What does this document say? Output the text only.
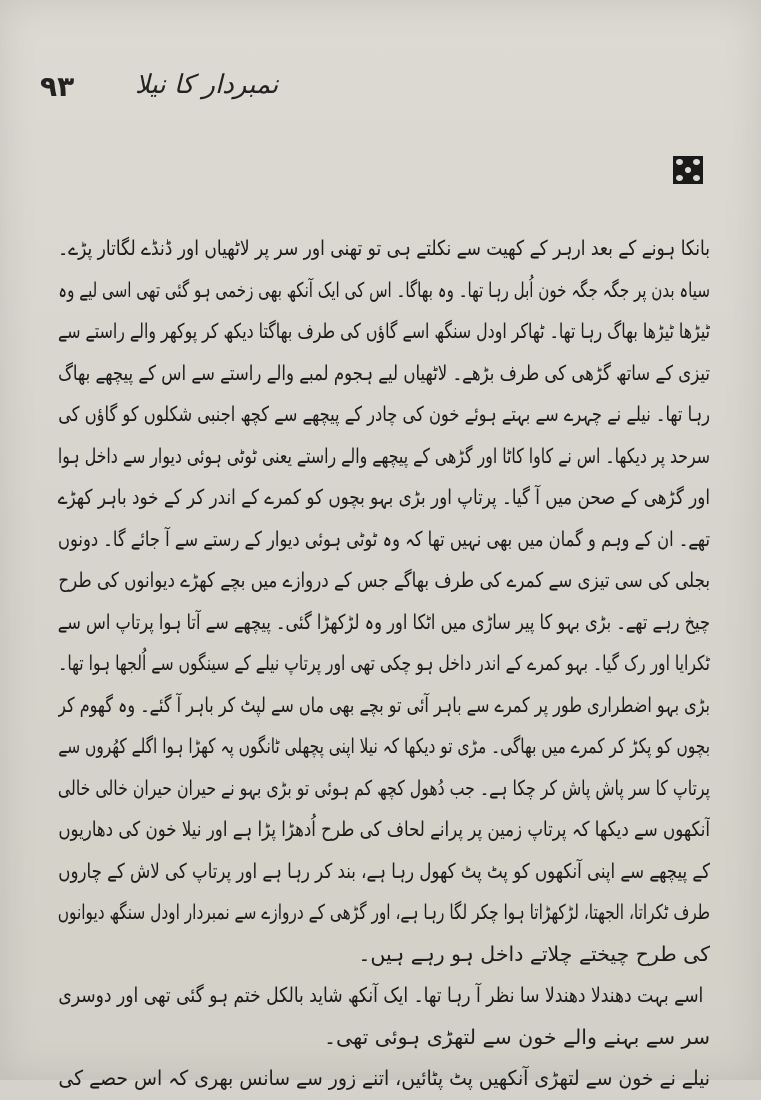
۹۳ نمبردار کا نیلا
بانکا ہونے کے بعد ارہر کے کھیت سے نکلتے ہی تو تھنی اور سر پر لاٹھیاں اور ڈنڈے لگاتار پڑے۔
سیاہ بدن پر جگہ جگہ خون اُبل رہا تھا۔ وہ بھاگا۔ اس کی ایک آنکھ بھی زخمی ہو گئی تھی اسی لیے وہ
ٹیڑھا ٹیڑھا بھاگ رہا تھا۔ ٹھاکر اودل سنگھ اسے گاؤں کی طرف بھاگتا دیکھ کر پوکھر والے راستے سے
تیزی کے ساتھ گڑھی کی طرف بڑھے۔ لاٹھیاں لیے ہجوم لمبے والے راستے سے اس کے پیچھے بھاگ
رہا تھا۔ نیلے نے چہرے سے بہتے ہوئے خون کی چادر کے پیچھے سے کچھ اجنبی شکلوں کو گاؤں کی
سرحد پر دیکھا۔ اس نے کاوا کاٹا اور گڑھی کے پیچھے والے راستے یعنی ٹوٹی ہوئی دیوار سے داخل ہوا
اور گڑھی کے صحن میں آ گیا۔ پرتاپ اور بڑی بہو بچوں کو کمرے کے اندر کر کے خود باہر کھڑے
تھے۔ ان کے وہم و گمان میں بھی نہیں تھا کہ وہ ٹوٹی ہوئی دیوار کے رستے سے آ جائے گا۔ دونوں
بجلی کی سی تیزی سے کمرے کی طرف بھاگے جس کے دروازے میں بچے کھڑے دیوانوں کی طرح
چیخ رہے تھے۔ بڑی بہو کا پیر ساڑی میں اٹکا اور وہ لڑکھڑا گئی۔ پیچھے سے آتا ہوا پرتاپ اس سے
ٹکرایا اور رک گیا۔ بہو کمرے کے اندر داخل ہو چکی تھی اور پرتاپ نیلے کے سینگوں سے اُلجھا ہوا تھا۔
بڑی بہو اضطراری طور پر کمرے سے باہر آئی تو بچے بھی ماں سے لپٹ کر باہر آ گئے۔ وہ گھوم کر
بچوں کو پکڑ کر کمرے میں بھاگی۔ مڑی تو دیکھا کہ نیلا اپنی پچھلی ٹانگوں پہ کھڑا ہوا اگلے کھُروں سے
پرتاپ کا سر پاش پاش کر چکا ہے۔ جب دُھول کچھ کم ہوئی تو بڑی بہو نے حیران حیران خالی خالی
آنکھوں سے دیکھا کہ پرتاپ زمین پر پرانے لحاف کی طرح اُدھڑا پڑا ہے اور نیلا خون کی دھاریوں
کے پیچھے سے اپنی آنکھوں کو پٹ پٹ کھول رہا ہے، بند کر رہا ہے اور پرتاپ کی لاش کے چاروں
طرف ٹکراتا، الجھتا، لڑکھڑاتا ہوا چکر لگا رہا ہے، اور گڑھی کے دروازے سے نمبردار اودل سنگھ دیوانوں
کی طرح چیختے چلاتے داخل ہو رہے ہیں۔
اسے بہت دھندلا دھندلا سا نظر آ رہا تھا۔ ایک آنکھ شاید بالکل ختم ہو گئی تھی اور دوسری
سر سے بہنے والے خون سے لتھڑی ہوئی تھی۔
نیلے نے خون سے لتھڑی آنکھیں پٹ پٹائیں، اتنے زور سے سانس بھری کہ اس حصے کی
